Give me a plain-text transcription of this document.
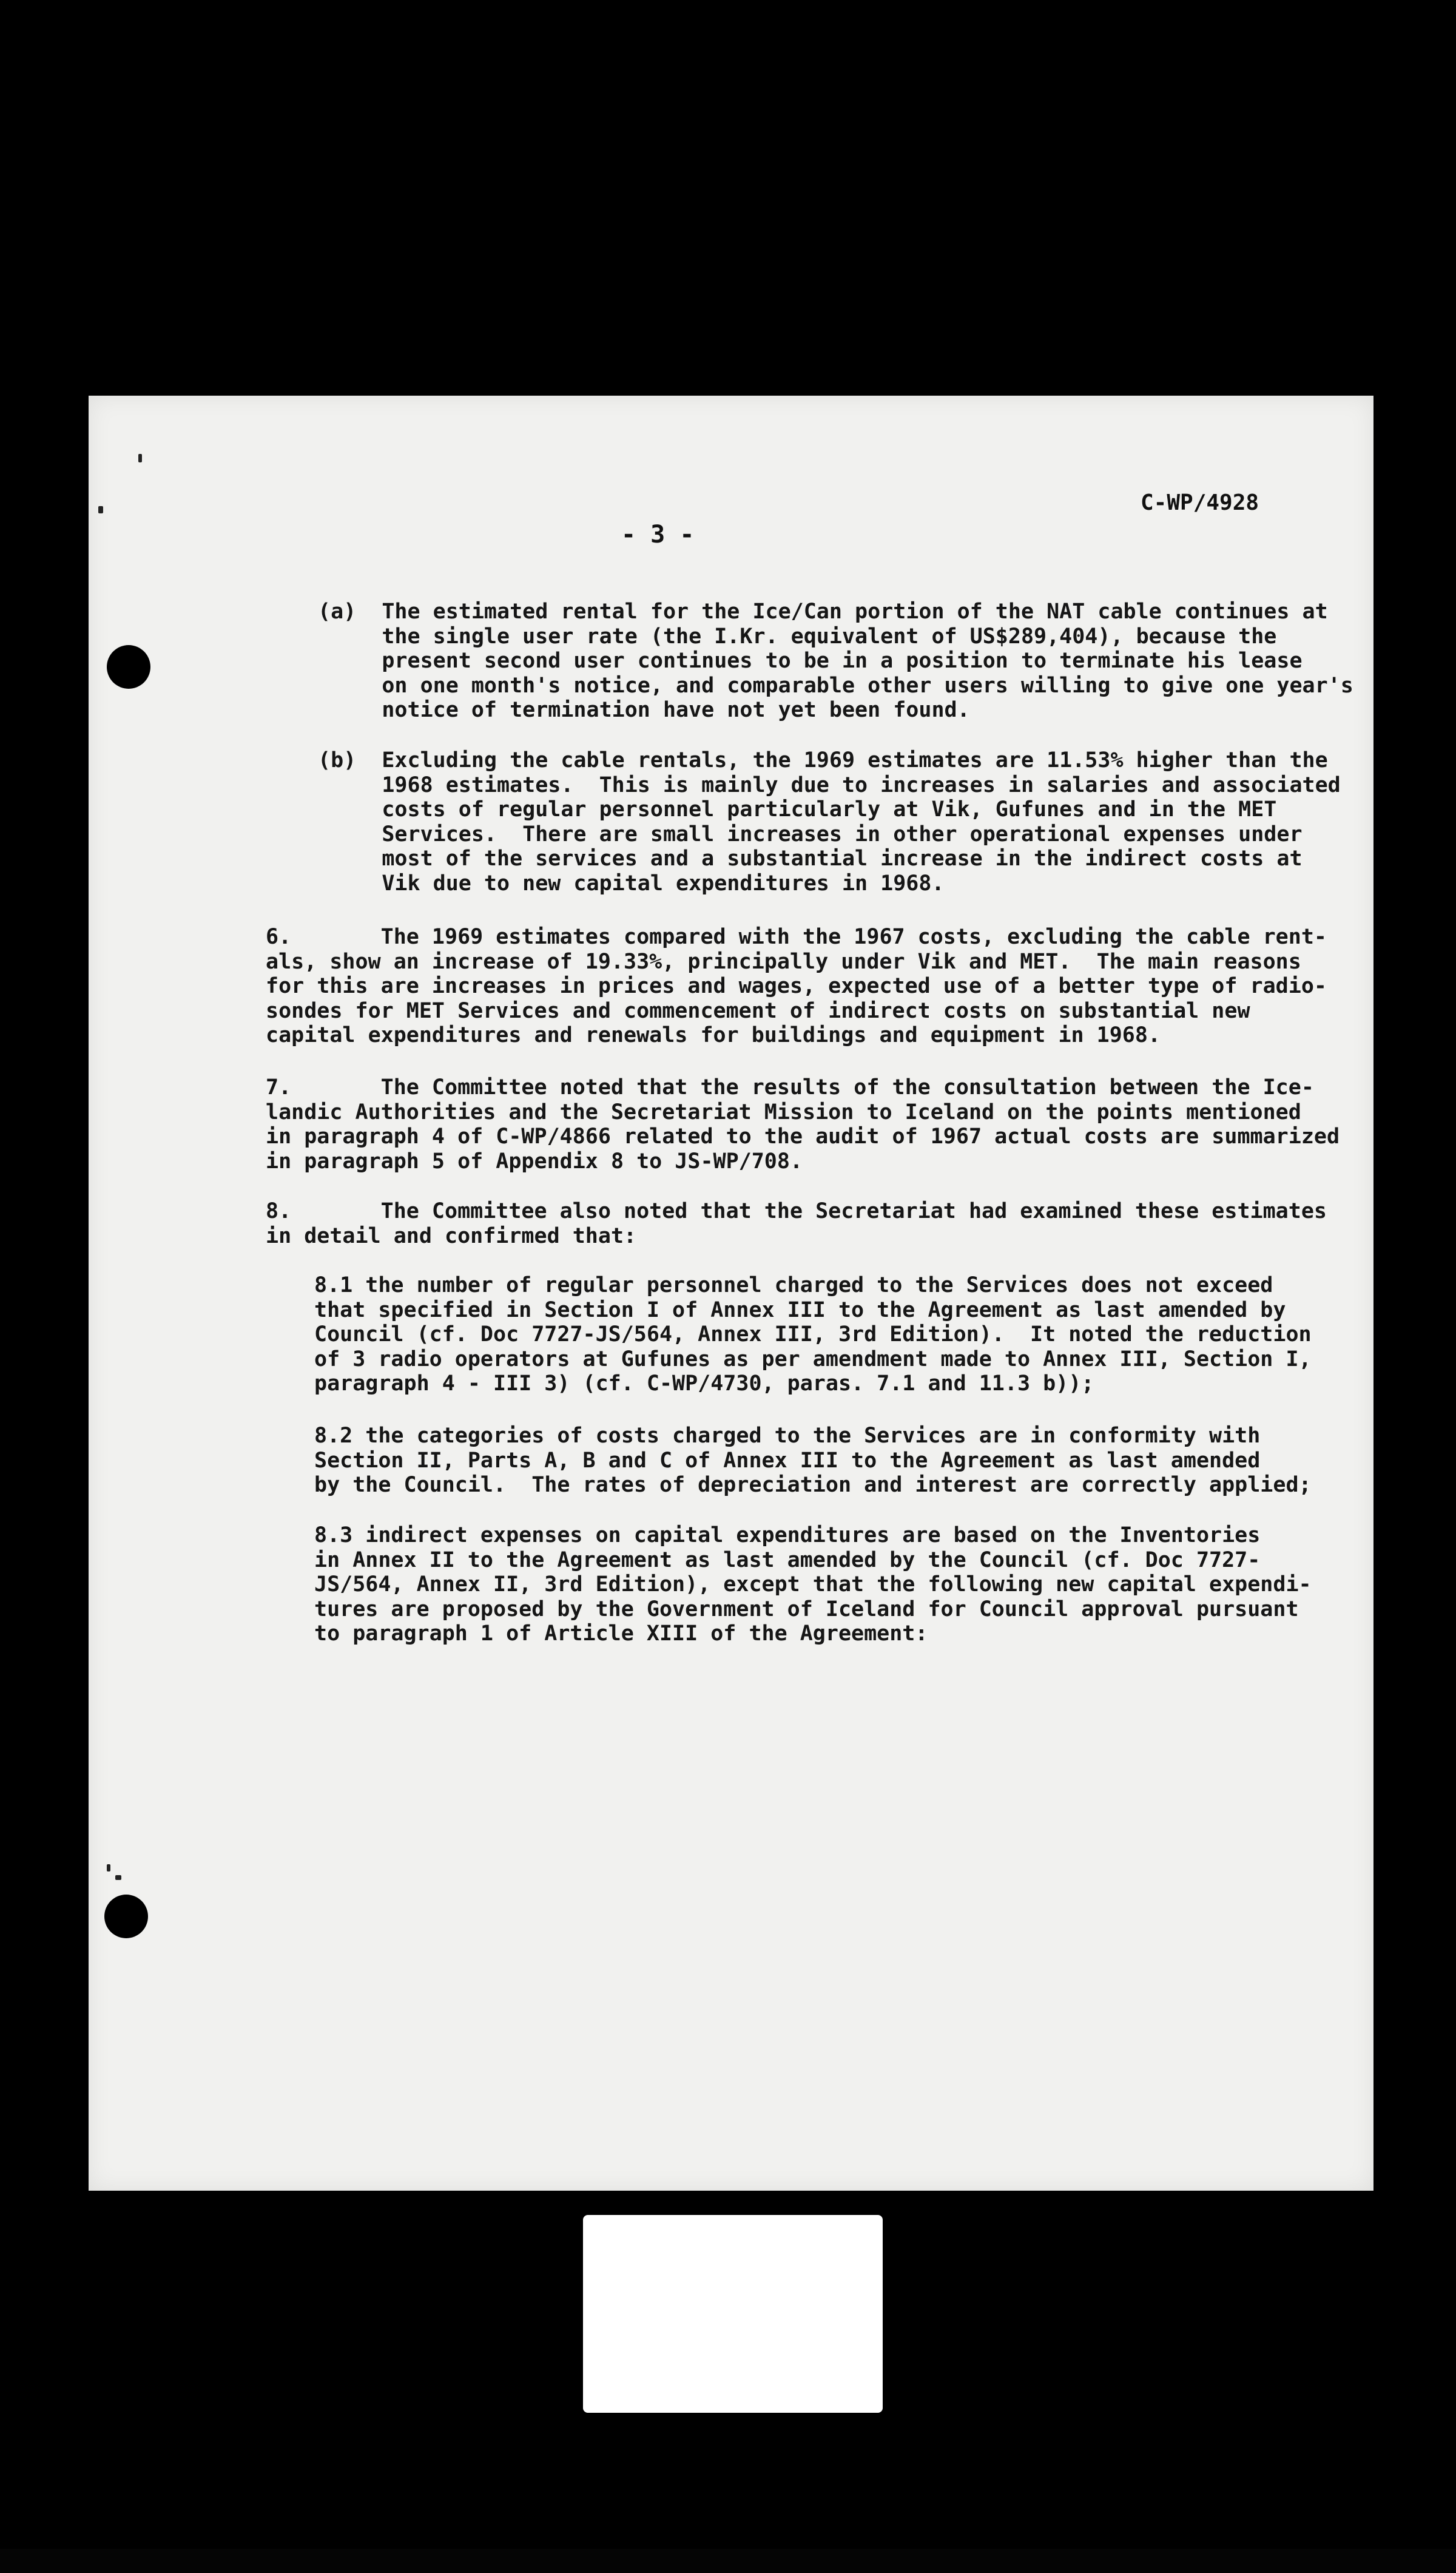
C-WP/4928
- 3 -
(a)  The estimated rental for the Ice/Can portion of the NAT cable continues at
the single user rate (the I.Kr. equivalent of US$289,404), because the
present second user continues to be in a position to terminate his lease
on one month's notice, and comparable other users willing to give one year's
notice of termination have not yet been found.
(b)  Excluding the cable rentals, the 1969 estimates are 11.53% higher than the
1968 estimates.  This is mainly due to increases in salaries and associated
costs of regular personnel particularly at Vik, Gufunes and in the MET
Services.  There are small increases in other operational expenses under
most of the services and a substantial increase in the indirect costs at
Vik due to new capital expenditures in 1968.
6.       The 1969 estimates compared with the 1967 costs, excluding the cable rent-
als, show an increase of 19.33%, principally under Vik and MET.  The main reasons
for this are increases in prices and wages, expected use of a better type of radio-
sondes for MET Services and commencement of indirect costs on substantial new
capital expenditures and renewals for buildings and equipment in 1968.
7.       The Committee noted that the results of the consultation between the Ice-
landic Authorities and the Secretariat Mission to Iceland on the points mentioned
in paragraph 4 of C-WP/4866 related to the audit of 1967 actual costs are summarized
in paragraph 5 of Appendix 8 to JS-WP/708.
8.       The Committee also noted that the Secretariat had examined these estimates
in detail and confirmed that:
8.1 the number of regular personnel charged to the Services does not exceed
that specified in Section I of Annex III to the Agreement as last amended by
Council (cf. Doc 7727-JS/564, Annex III, 3rd Edition).  It noted the reduction
of 3 radio operators at Gufunes as per amendment made to Annex III, Section I,
paragraph 4 - III 3) (cf. C-WP/4730, paras. 7.1 and 11.3 b));
8.2 the categories of costs charged to the Services are in conformity with
Section II, Parts A, B and C of Annex III to the Agreement as last amended
by the Council.  The rates of depreciation and interest are correctly applied;
8.3 indirect expenses on capital expenditures are based on the Inventories
in Annex II to the Agreement as last amended by the Council (cf. Doc 7727-
JS/564, Annex II, 3rd Edition), except that the following new capital expendi-
tures are proposed by the Government of Iceland for Council approval pursuant
to paragraph 1 of Article XIII of the Agreement:
